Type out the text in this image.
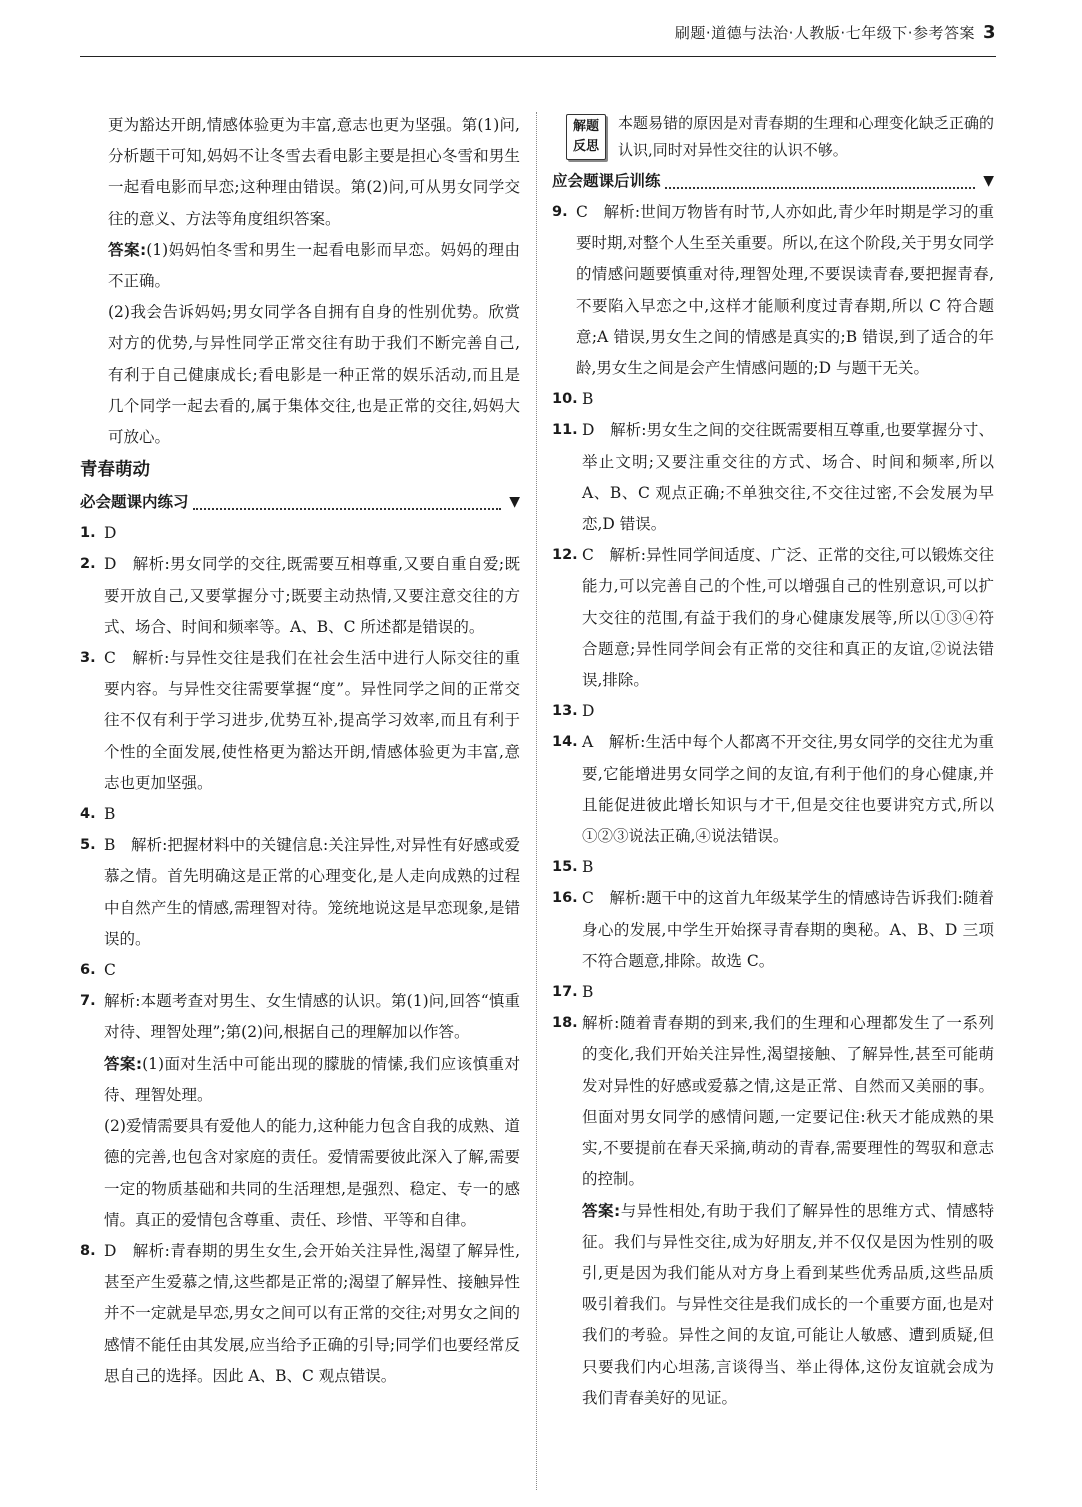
刷题·道德与法治·人教版·七年级下·参考答案 3

更为豁达开朗,情感体验更为丰富,意志也更为坚强。第(1)问,分析题干可知,妈妈不让冬雪去看电影主要是担心冬雪和男生一起看电影而早恋;这种理由错误。第(2)问,可从男女同学交往的意义、方法等角度组织答案。

答案:(1)妈妈怕冬雪和男生一起看电影而早恋。妈妈的理由不正确。

(2)我会告诉妈妈;男女同学各自拥有自身的性别优势。欣赏对方的优势,与异性同学正常交往有助于我们不断完善自己,有利于自己健康成长;看电影是一种正常的娱乐活动,而且是几个同学一起去看的,属于集体交往,也是正常的交往,妈妈大可放心。

青春萌动
必会题课内练习	▼
1. D

2. D　解析:男女同学的交往,既需要互相尊重,又要自重自爱;既要开放自己,又要掌握分寸;既要主动热情,又要注意交往的方式、场合、时间和频率等。A、B、C 所述都是错误的。

3. C　解析:与异性交往是我们在社会生活中进行人际交往的重要内容。与异性交往需要掌握“度”。异性同学之间的正常交往不仅有利于学习进步,优势互补,提高学习效率,而且有利于个性的全面发展,使性格更为豁达开朗,情感体验更为丰富,意志也更加坚强。

4. B

5. B　解析:把握材料中的关键信息:关注异性,对异性有好感或爱慕之情。首先明确这是正常的心理变化,是人走向成熟的过程中自然产生的情感,需理智对待。笼统地说这是早恋现象,是错误的。

6. C

7. 解析:本题考查对男生、女生情感的认识。第(1)问,回答“慎重对待、理智处理”;第(2)问,根据自己的理解加以作答。

答案:(1)面对生活中可能出现的朦胧的情愫,我们应该慎重对待、理智处理。

(2)爱情需要具有爱他人的能力,这种能力包含自我的成熟、道德的完善,也包含对家庭的责任。爱情需要彼此深入了解,需要一定的物质基础和共同的生活理想,是强烈、稳定、专一的感情。真正的爱情包含尊重、责任、珍惜、平等和自律。

8. D　解析:青春期的男生女生,会开始关注异性,渴望了解异性,甚至产生爱慕之情,这些都是正常的;渴望了解异性、接触异性并不一定就是早恋,男女之间可以有正常的交往;对男女之间的感情不能任由其发展,应当给予正确的引导;同学们也要经常反思自己的选择。因此 A、B、C 观点错误。

解题反思
本题易错的原因是对青春期的生理和心理变化缺乏正确的认识,同时对异性交往的认识不够。
应会题课后训练	▼
9. C　解析:世间万物皆有时节,人亦如此,青少年时期是学习的重要时期,对整个人生至关重要。所以,在这个阶段,关于男女同学的情感问题要慎重对待,理智处理,不要误读青春,要把握青春,不要陷入早恋之中,这样才能顺利度过青春期,所以 C 符合题意;A 错误,男女生之间的情感是真实的;B 错误,到了适合的年龄,男女生之间是会产生情感问题的;D 与题干无关。

10. B

11. D　解析:男女生之间的交往既需要相互尊重,也要掌握分寸、举止文明;又要注重交往的方式、场合、时间和频率,所以 A、B、C 观点正确;不单独交往,不交往过密,不会发展为早恋,D 错误。

12. C　解析:异性同学间适度、广泛、正常的交往,可以锻炼交往能力,可以完善自己的个性,可以增强自己的性别意识,可以扩大交往的范围,有益于我们的身心健康发展等,所以①③④符合题意;异性同学间会有正常的交往和真正的友谊,②说法错误,排除。

13. D

14. A　解析:生活中每个人都离不开交往,男女同学的交往尤为重要,它能增进男女同学之间的友谊,有利于他们的身心健康,并且能促进彼此增长知识与才干,但是交往也要讲究方式,所以①②③说法正确,④说法错误。

15. B

16. C　解析:题干中的这首九年级某学生的情感诗告诉我们:随着身心的发展,中学生开始探寻青春期的奥秘。A、B、D 三项不符合题意,排除。故选 C。

17. B

18. 解析:随着青春期的到来,我们的生理和心理都发生了一系列的变化,我们开始关注异性,渴望接触、了解异性,甚至可能萌发对异性的好感或爱慕之情,这是正常、自然而又美丽的事。但面对男女同学的感情问题,一定要记住:秋天才能成熟的果实,不要提前在春天采摘,萌动的青春,需要理性的驾驭和意志的控制。

答案:与异性相处,有助于我们了解异性的思维方式、情感特征。我们与异性交往,成为好朋友,并不仅仅是因为性别的吸引,更是因为我们能从对方身上看到某些优秀品质,这些品质吸引着我们。与异性交往是我们成长的一个重要方面,也是对我们的考验。异性之间的友谊,可能让人敏感、遭到质疑,但只要我们内心坦荡,言谈得当、举止得体,这份友谊就会成为我们青春美好的见证。
